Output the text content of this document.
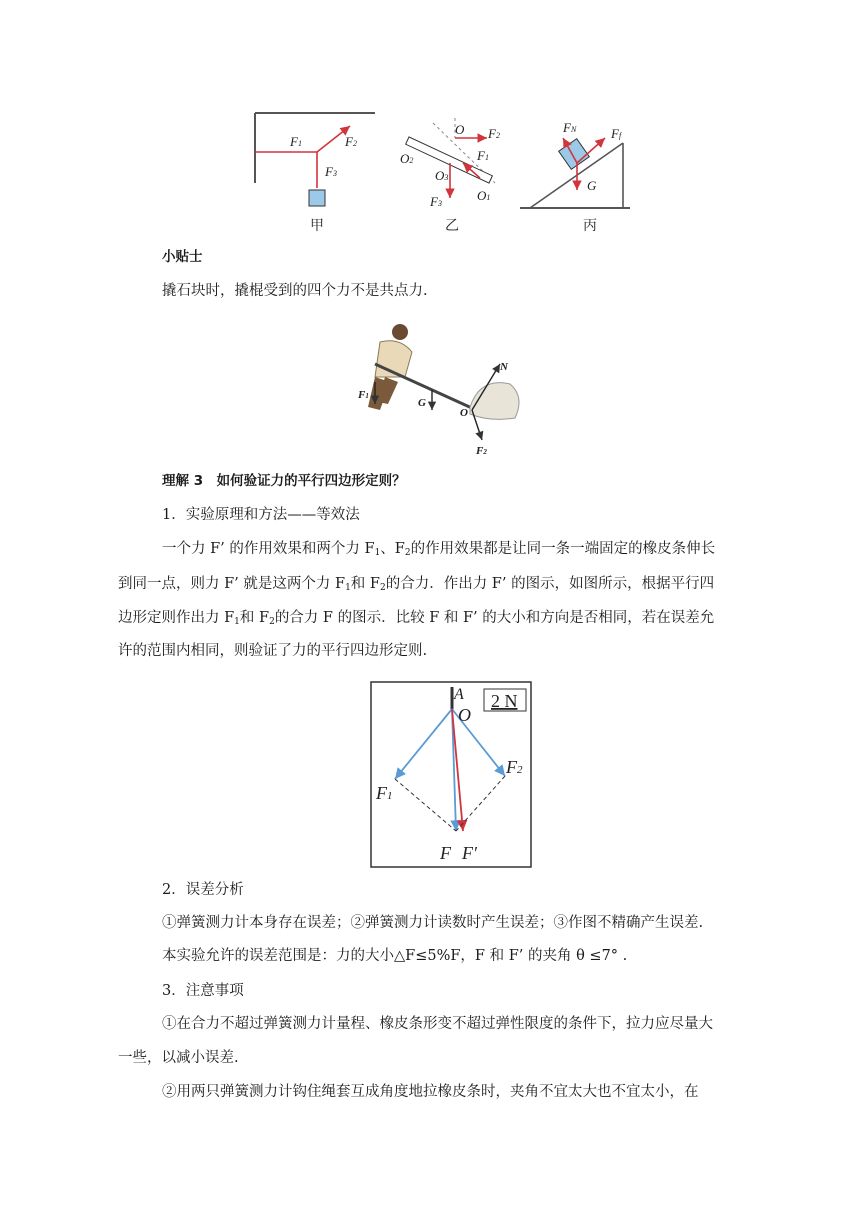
F1	F2
F3
甲
O F2
O2	F1
O3
F3
O1
乙
FN	Ff
G
丙
小贴士
撬石块时，撬棍受到的四个力不是共点力.
N
F1
G
O
F2
理解 3　如何验证力的平行四边形定则？
1．实验原理和方法——等效法
一个力 F’ 的作用效果和两个力 $F_1$、$F_2$的作用效果都是让同一条一端固定的橡皮条伸长
到同一点，则力 F’ 就是这两个力 $F_1$和 $F_2$的合力．作出力 F’ 的图示，如图所示，根据平行四
边形定则作出力 $F_1$和 $F_2$的合力 F 的图示．比较 F 和 F’ 的大小和方向是否相同，若在误差允
许的范围内相同，则验证了力的平行四边形定则.
A
O
2 N
F1
F2
F F′
2．误差分析
①弹簧测力计本身存在误差；②弹簧测力计读数时产生误差；③作图不精确产生误差.
本实验允许的误差范围是：力的大小△F≤5%F，F 和 F’ 的夹角 θ ≤7° .
3．注意事项
①在合力不超过弹簧测力计量程、橡皮条形变不超过弹性限度的条件下，拉力应尽量大
一些，以减小误差.
②用两只弹簧测力计钩住绳套互成角度地拉橡皮条时，夹角不宜太大也不宜太小，在
